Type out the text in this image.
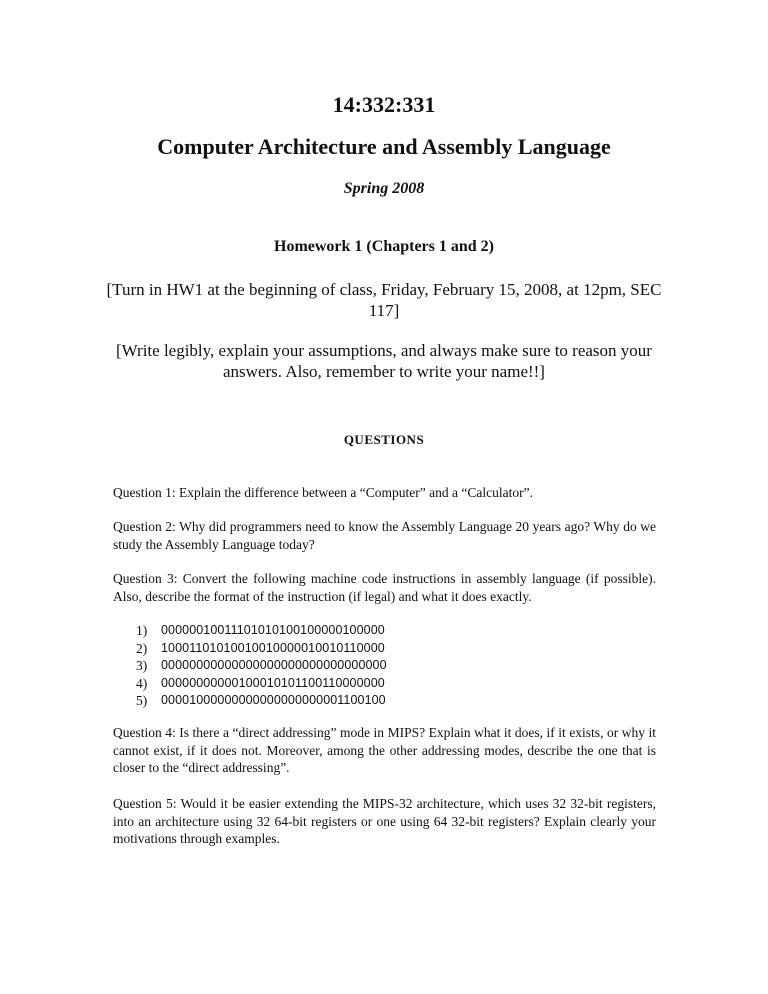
14:332:331
Computer Architecture and Assembly Language
Spring 2008
Homework 1 (Chapters 1 and 2)
[Turn in HW1 at the beginning of class, Friday, February 15, 2008, at 12pm, SEC 117]
[Write legibly, explain your assumptions, and always make sure to reason your answers. Also, remember to write your name!!]
QUESTIONS
Question 1: Explain the difference between a “Computer” and a “Calculator”.
Question 2: Why did programmers need to know the Assembly Language 20 years ago? Why do we study the Assembly Language today?
Question 3: Convert the following machine code instructions in assembly language (if possible). Also, describe the format of the instruction (if legal) and what it does exactly.
1)	00000010011101010100100000100000
2)	10001101010010010000010010110000
3)	00000000000000000000000000000000
4)	00000000000100010101100110000000
5)	00001000000000000000000001100100
Question 4: Is there a “direct addressing” mode in MIPS? Explain what it does, if it exists, or why it cannot exist, if it does not. Moreover, among the other addressing modes, describe the one that is closer to the “direct addressing”.
Question 5: Would it be easier extending the MIPS-32 architecture, which uses 32 32-bit registers, into an architecture using 32 64-bit registers or one using 64 32-bit registers? Explain clearly your motivations through examples.
